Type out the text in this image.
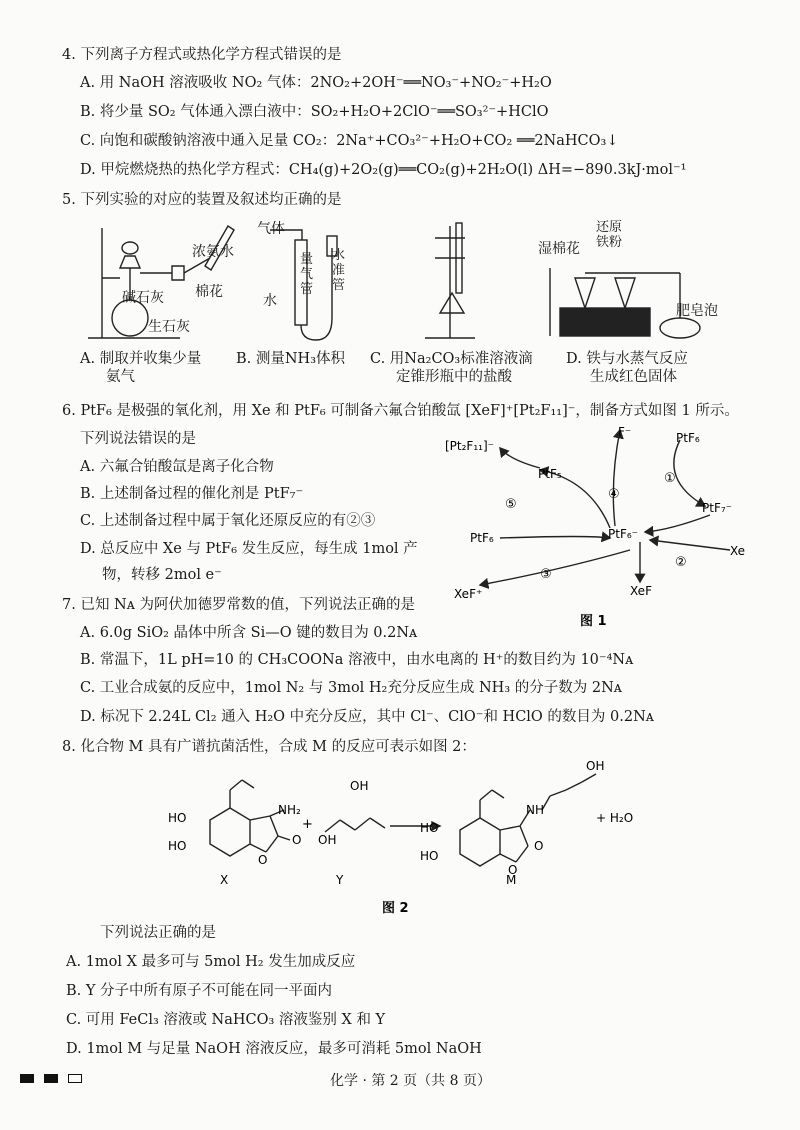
4. 下列离子方程式或热化学方程式错误的是
A. 用 NaOH 溶液吸收 NO₂ 气体：2NO₂+2OH⁻══NO₃⁻+NO₂⁻+H₂O
B. 将少量 SO₂ 气体通入漂白液中：SO₂+H₂O+2ClO⁻══SO₃²⁻+HClO
C. 向饱和碳酸钠溶液中通入足量 CO₂：2Na⁺+CO₃²⁻+H₂O+CO₂ ══2NaHCO₃↓
D. 甲烷燃烧热的热化学方程式：CH₄(g)+2O₂(g)══CO₂(g)+2H₂O(l) ΔH=−890.3kJ·mol⁻¹
5. 下列实验的对应的装置及叙述均正确的是
浓氨水
棉花
碱石灰
生石灰
气体
量气管
水准管
水
还原铁粉
湿棉花
肥皂泡
A. 制取并收集少量
氨气
B. 测量NH₃体积 C. 用Na₂CO₃标准溶液滴
定锥形瓶中的盐酸
D. 铁与水蒸气反应
生成红色固体
6. PtF₆ 是极强的氧化剂，用 Xe 和 PtF₆ 可制备六氟合铂酸氙 [XeF]⁺[Pt₂F₁₁]⁻，制备方式如图 1 所示。
下列说法错误的是
A. 六氟合铂酸氙是离子化合物
B. 上述制备过程的催化剂是 PtF₇⁻
C. 上述制备过程中属于氧化还原反应的有②③
D. 总反应中 Xe 与 PtF₆ 发生反应，每生成 1mol 产
物，转移 2mol e⁻
[Pt₂F₁₁]⁻
F⁻	PtF₆
PtF₅
PtF₇⁻
PtF₆	PtF₆⁻
Xe
XeF⁺	XeF
①
②
③
④
⑤
图 1
7. 已知 Nᴀ 为阿伏加德罗常数的值，下列说法正确的是
A. 6.0g SiO₂ 晶体中所含 Si—O 键的数目为 0.2Nᴀ
B. 常温下，1L pH=10 的 CH₃COONa 溶液中，由水电离的 H⁺的数目约为 10⁻⁴Nᴀ
C. 工业合成氨的反应中，1mol N₂ 与 3mol H₂充分反应生成 NH₃ 的分子数为 2Nᴀ
D. 标况下 2.24L Cl₂ 通入 H₂O 中充分反应，其中 Cl⁻、ClO⁻和 HClO 的数目为 0.2Nᴀ
8. 化合物 M 具有广谱抗菌活性，合成 M 的反应可表示如图 2：
HO
HO
NH₂
O
O
+
OH
OH
HO
HO
NH
O
O
OH
+ H₂O
X	Y	M
图 2
下列说法正确的是
A. 1mol X 最多可与 5mol H₂ 发生加成反应
B. Y 分子中所有原子不可能在同一平面内
C. 可用 FeCl₃ 溶液或 NaHCO₃ 溶液鉴别 X 和 Y
D. 1mol M 与足量 NaOH 溶液反应，最多可消耗 5mol NaOH
化学 · 第 2 页（共 8 页）
